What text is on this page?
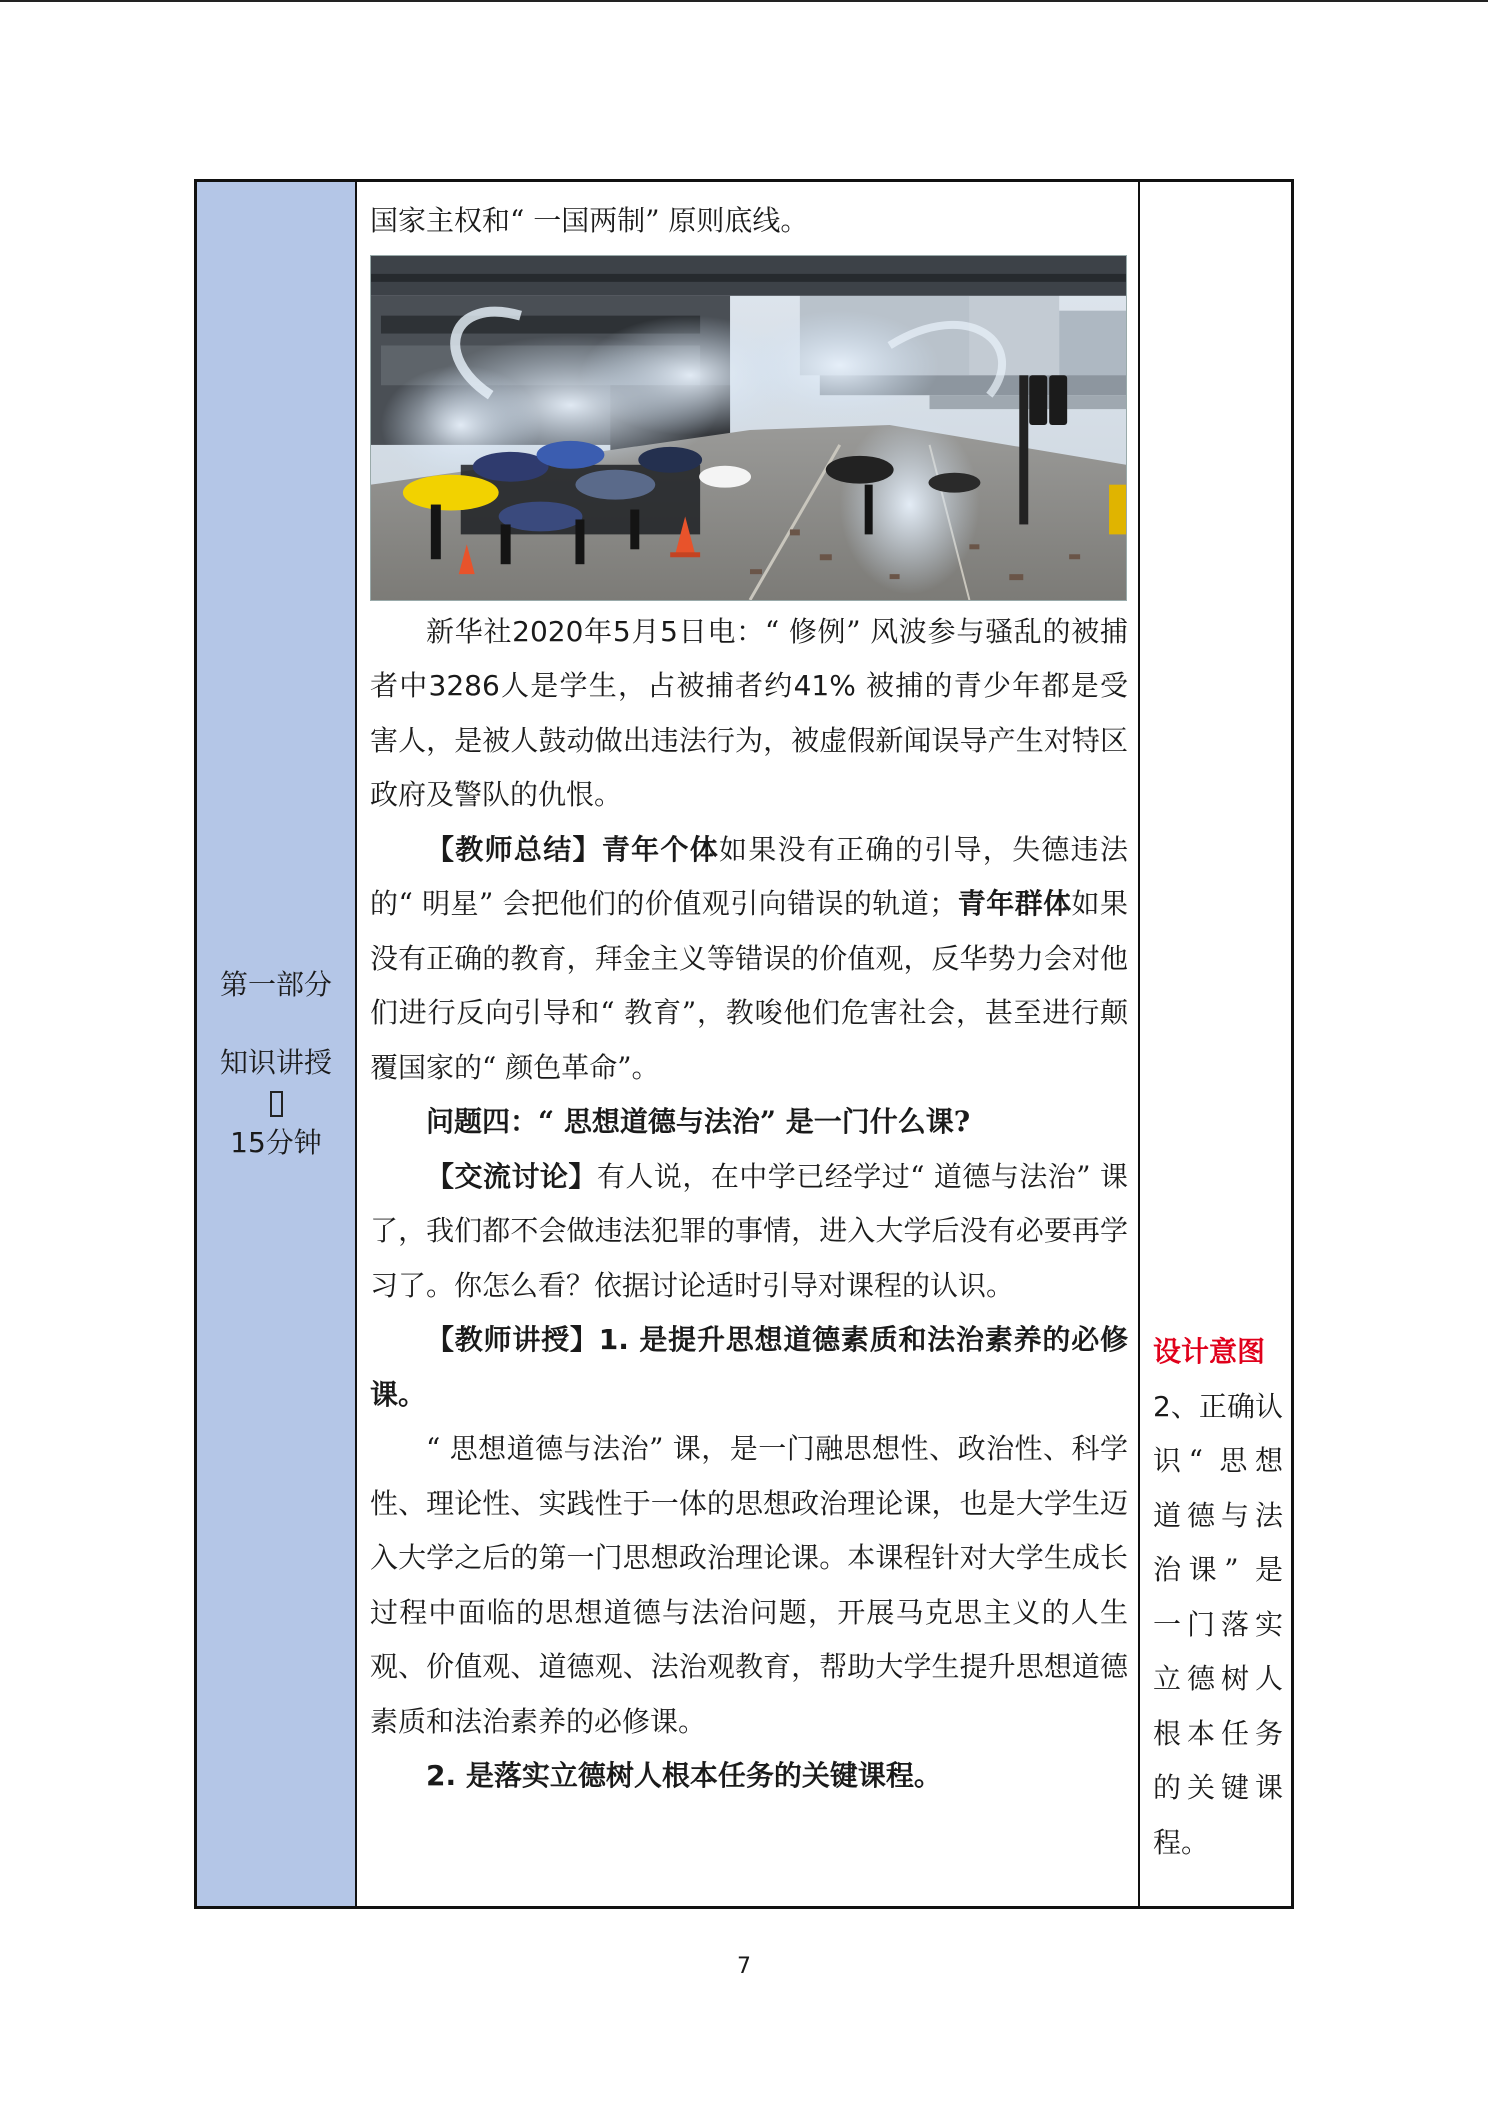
第一部分
知识讲授
15分钟

国家主权和“ 一国两制” 原则底线。

新华社2020年5月5日电：“ 修例” 风波参与骚乱的被捕者中3286人是学生，占被捕者约41% 被捕的青少年都是受害人，是被人鼓动做出违法行为，被虚假新闻误导产生对特区政府及警队的仇恨。

【教师总结】青年个体如果没有正确的引导，失德违法的“ 明星” 会把他们的价值观引向错误的轨道；青年群体如果没有正确的教育，拜金主义等错误的价值观，反华势力会对他们进行反向引导和“ 教育”，教唆他们危害社会，甚至进行颠覆国家的“ 颜色革命”。

问题四：“ 思想道德与法治” 是一门什么课?

【交流讨论】有人说，在中学已经学过“ 道德与法治” 课了，我们都不会做违法犯罪的事情，进入大学后没有必要再学习了。你怎么看？依据讨论适时引导对课程的认识。

【教师讲授】1. 是提升思想道德素质和法治素养的必修课。

“ 思想道德与法治” 课，是一门融思想性、政治性、科学性、理论性、实践性于一体的思想政治理论课，也是大学生迈入大学之后的第一门思想政治理论课。本课程针对大学生成长过程中面临的思想道德与法治问题，开展马克思主义的人生观、价值观、道德观、法治观教育，帮助大学生提升思想道德素质和法治素养的必修课。

2. 是落实立德树人根本任务的关键课程。

设计意图
2、正确认识“ 思想道德与法治课” 是一门落实立德树人根本任务的关键课程。
7
